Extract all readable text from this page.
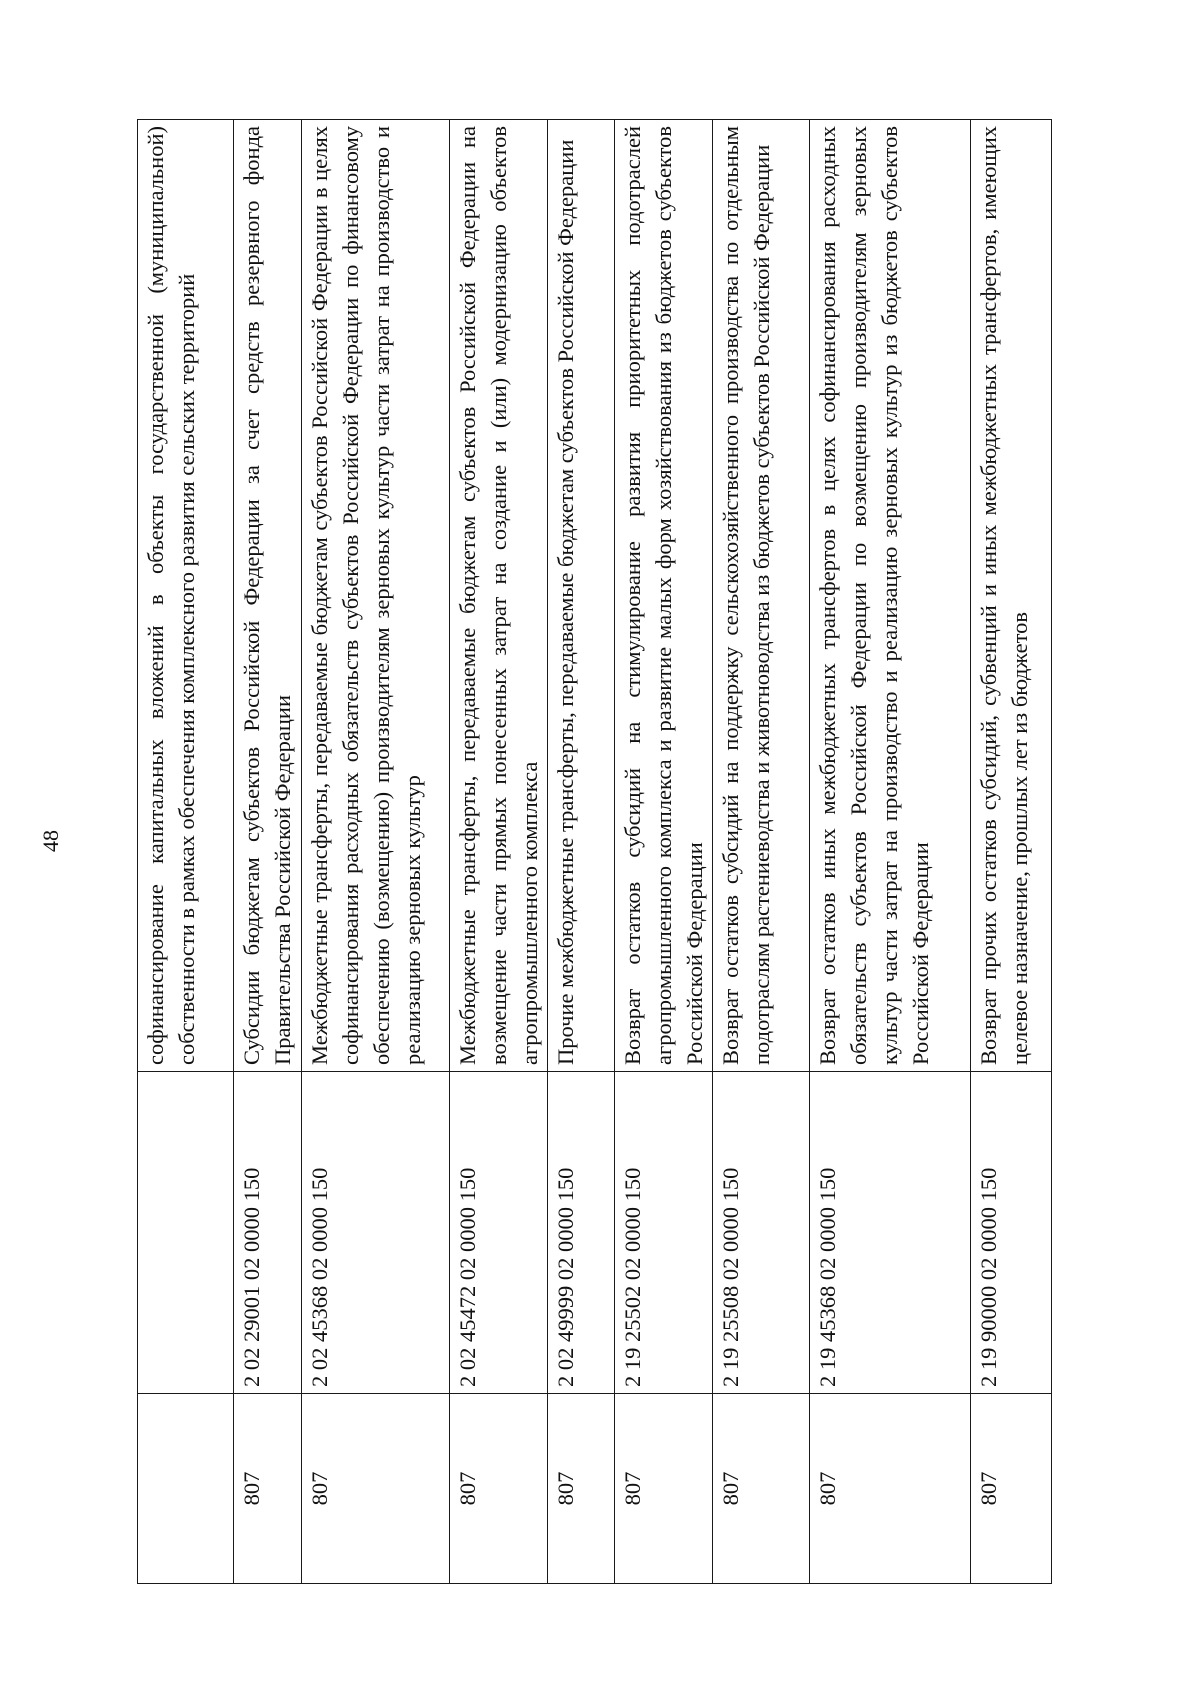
48
			софинансирование капитальных вложений в объекты государственной (муниципальной) собственности в рамках обеспечения комплексного развития сельских территорий
807	2 02 29001 02 0000 150	Субсидии бюджетам субъектов Российской Федерации за счет средств резервного фонда Правительства Российской Федерации
807	2 02 45368 02 0000 150	Межбюджетные трансферты, передаваемые бюджетам субъектов Российской Федерации в целях софинансирования расходных обязательств субъектов Российской Федерации по финансовому обеспечению (возмещению) производителям зерновых культур части затрат на производство и реализацию зерновых культур
807	2 02 45472 02 0000 150	Межбюджетные трансферты, передаваемые бюджетам субъектов Российской Федерации на возмещение части прямых понесенных затрат на создание и (или) модернизацию объектов агропромышленного комплекса
807	2 02 49999 02 0000 150	Прочие межбюджетные трансферты, передаваемые бюджетам субъектов Российской Федерации
807	2 19 25502 02 0000 150	Возврат остатков субсидий на стимулирование развития приоритетных подотраслей агропромышленного комплекса и развитие малых форм хозяйствования из бюджетов субъектов Российской Федерации
807	2 19 25508 02 0000 150	Возврат остатков субсидий на поддержку сельскохозяйственного производства по отдельным подотраслям растениеводства и животноводства из бюджетов субъектов Российской Федерации
807	2 19 45368 02 0000 150	Возврат остатков иных межбюджетных трансфертов в целях софинансирования расходных обязательств субъектов Российской Федерации по возмещению производителям зерновых культур части затрат на производство и реализацию зерновых культур из бюджетов субъектов Российской Федерации
807	2 19 90000 02 0000 150	Возврат прочих остатков субсидий, субвенций и иных межбюджетных трансфертов, имеющих целевое назначение, прошлых лет из бюджетов
